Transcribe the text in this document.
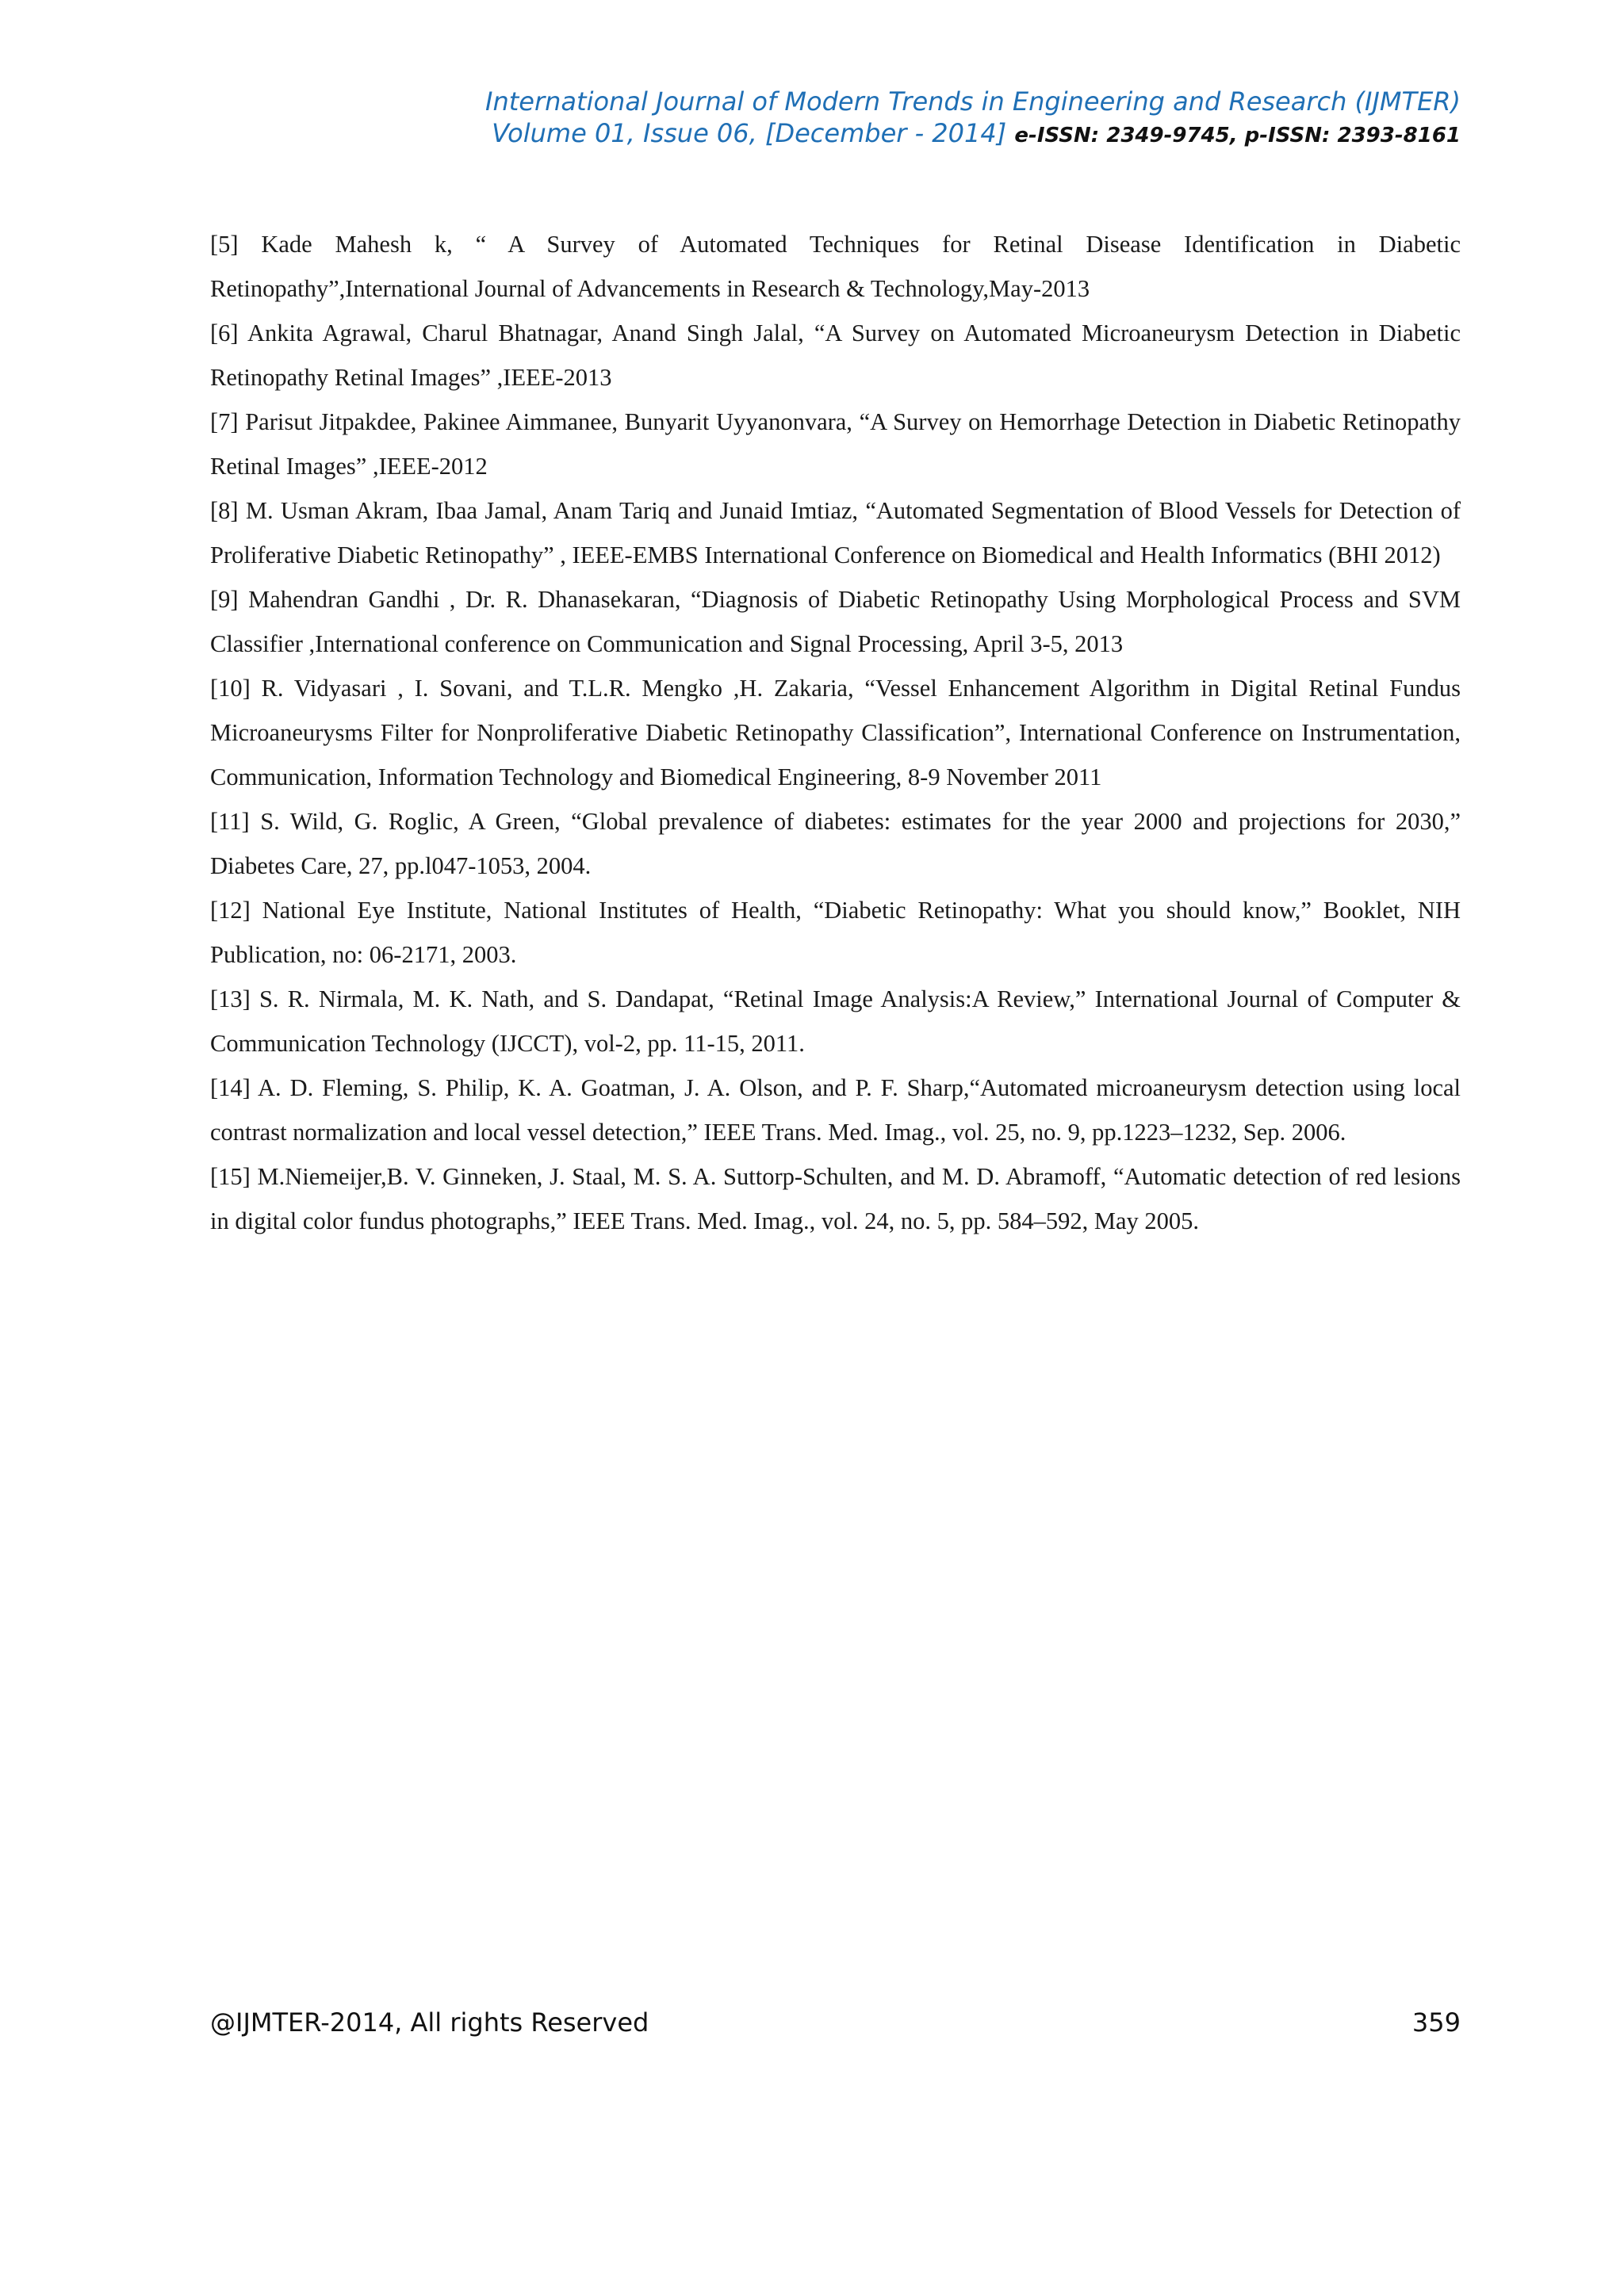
International Journal of Modern Trends in Engineering and Research (IJMTER)
Volume 01, Issue 06, [December - 2014] e-ISSN: 2349-9745, p-ISSN: 2393-8161

[5] Kade Mahesh k, “ A Survey of Automated Techniques for Retinal Disease Identification in Diabetic Retinopathy”,International Journal of Advancements in Research & Technology,May-2013

[6] Ankita Agrawal, Charul Bhatnagar, Anand Singh Jalal, “A Survey on Automated Microaneurysm Detection in Diabetic Retinopathy Retinal Images” ,IEEE-2013

[7] Parisut Jitpakdee, Pakinee Aimmanee, Bunyarit Uyyanonvara, “A Survey on Hemorrhage Detection in Diabetic Retinopathy Retinal Images” ,IEEE-2012

[8] M. Usman Akram, Ibaa Jamal, Anam Tariq and Junaid Imtiaz, “Automated Segmentation of Blood Vessels for Detection of Proliferative Diabetic Retinopathy” , IEEE-EMBS International Conference on Biomedical and Health Informatics (BHI 2012)

[9] Mahendran Gandhi , Dr. R. Dhanasekaran, “Diagnosis of Diabetic Retinopathy Using Morphological Process and SVM Classifier ,International conference on Communication and Signal Processing, April 3-5, 2013

[10] R. Vidyasari , I. Sovani, and T.L.R. Mengko ,H. Zakaria, “Vessel Enhancement Algorithm in Digital Retinal Fundus Microaneurysms Filter for Nonproliferative Diabetic Retinopathy Classification”, International Conference on Instrumentation, Communication, Information Technology and Biomedical Engineering, 8-9 November 2011

[11] S. Wild, G. Roglic, A Green, “Global prevalence of diabetes: estimates for the year 2000 and projections for 2030,” Diabetes Care, 27, pp.l047-1053, 2004.

[12] National Eye Institute, National Institutes of Health, “Diabetic Retinopathy: What you should know,” Booklet, NIH Publication, no: 06-2171, 2003.

[13] S. R. Nirmala, M. K. Nath, and S. Dandapat, “Retinal Image Analysis:A Review,” International Journal of Computer & Communication Technology (IJCCT), vol-2, pp. 11-15, 2011.

[14] A. D. Fleming, S. Philip, K. A. Goatman, J. A. Olson, and P. F. Sharp,“Automated microaneurysm detection using local contrast normalization and local vessel detection,” IEEE Trans. Med. Imag., vol. 25, no. 9, pp.1223–1232, Sep. 2006.

[15] M.Niemeijer,B. V. Ginneken, J. Staal, M. S. A. Suttorp-Schulten, and M. D. Abramoff, “Automatic detection of red lesions in digital color fundus photographs,” IEEE Trans. Med. Imag., vol. 24, no. 5, pp. 584–592, May 2005.

@IJMTER-2014, All rights Reserved	359
